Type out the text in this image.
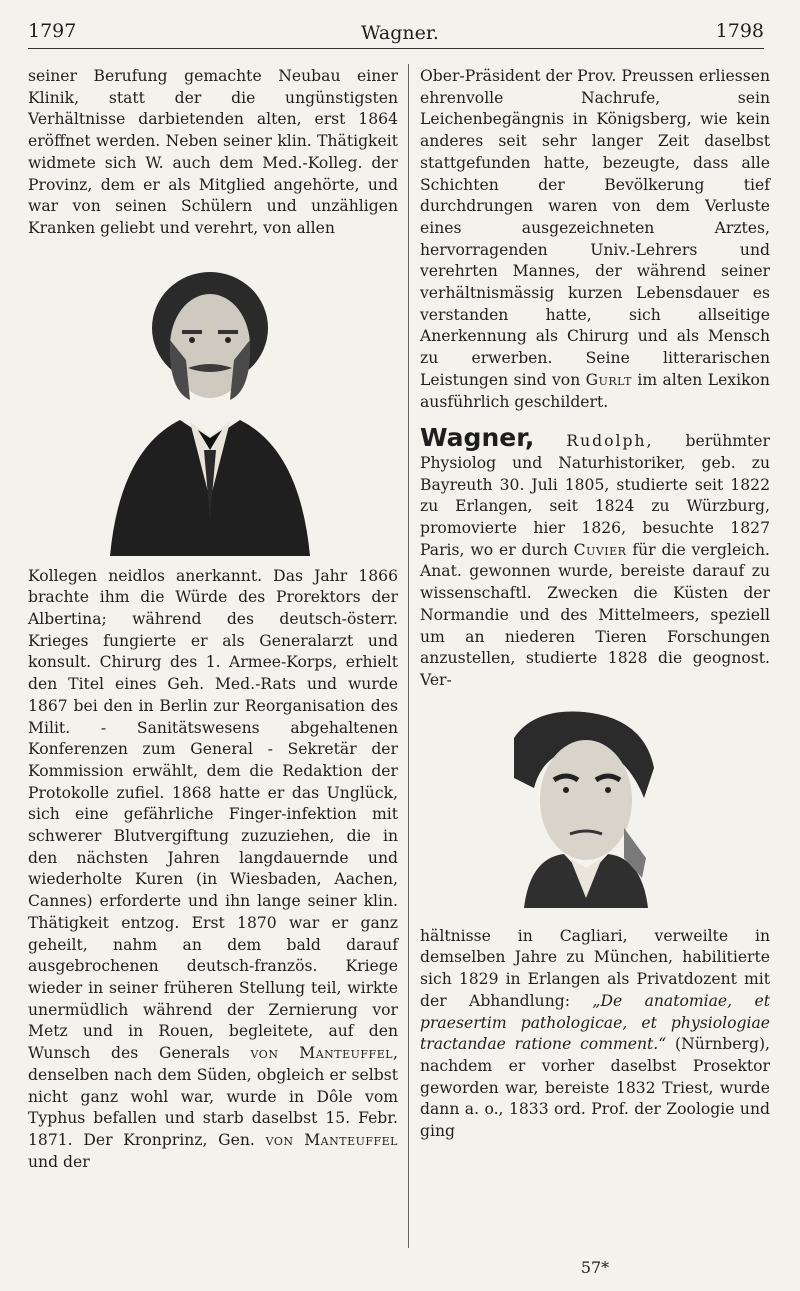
1797	Wagner.	1798

seiner Berufung gemachte Neubau einer Klinik, statt der die ungünstigsten Verhältnisse darbietenden alten, erst 1864 eröffnet werden. Neben seiner klin. Thätigkeit widmete sich W. auch dem Med.-Kolleg. der Provinz, dem er als Mitglied angehörte, und war von seinen Schülern und unzähligen Kranken geliebt und verehrt, von allen

Kollegen neidlos anerkannt. Das Jahr 1866 brachte ihm die Würde des Prorektors der Albertina; während des deutsch-österr. Krieges fungierte er als Generalarzt und konsult. Chirurg des 1. Armee-Korps, erhielt den Titel eines Geh. Med.-Rats und wurde 1867 bei den in Berlin zur Reorganisation des Milit. - Sanitätswesens abgehaltenen Konferenzen zum General - Sekretär der Kommission erwählt, dem die Redaktion der Protokolle zufiel. 1868 hatte er das Unglück, sich eine gefährliche Finger-infektion mit schwerer Blutvergiftung zuzuziehen, die in den nächsten Jahren langdauernde und wiederholte Kuren (in Wiesbaden, Aachen, Cannes) erforderte und ihn lange seiner klin. Thätigkeit entzog. Erst 1870 war er ganz geheilt, nahm an dem bald darauf ausgebrochenen deutsch-französ. Kriege wieder in seiner früheren Stellung teil, wirkte unermüdlich während der Zernierung vor Metz und in Rouen, begleitete, auf den Wunsch des Generals von Manteuffel, denselben nach dem Süden, obgleich er selbst nicht ganz wohl war, wurde in Dôle vom Typhus befallen und starb daselbst 15. Febr. 1871. Der Kronprinz, Gen. von Manteuffel und der

Ober-Präsident der Prov. Preussen erliessen ehrenvolle Nachrufe, sein Leichenbegängnis in Königsberg, wie kein anderes seit sehr langer Zeit daselbst stattgefunden hatte, bezeugte, dass alle Schichten der Bevölkerung tief durchdrungen waren von dem Verluste eines ausgezeichneten Arztes, hervorragenden Univ.-Lehrers und verehrten Mannes, der während seiner verhältnismässig kurzen Lebensdauer es verstanden hatte, sich allseitige Anerkennung als Chirurg und als Mensch zu erwerben. Seine litterarischen Leistungen sind von Gurlt im alten Lexikon ausführlich geschildert.

Wagner, Rudolph, berühmter Physiolog und Naturhistoriker, geb. zu Bayreuth 30. Juli 1805, studierte seit 1822 zu Erlangen, seit 1824 zu Würzburg, promovierte hier 1826, besuchte 1827 Paris, wo er durch Cuvier für die vergleich. Anat. gewonnen wurde, bereiste darauf zu wissenschaftl. Zwecken die Küsten der Normandie und des Mittelmeers, speziell um an niederen Tieren Forschungen anzustellen, studierte 1828 die geognost. Ver-

hältnisse in Cagliari, verweilte in demselben Jahre zu München, habilitierte sich 1829 in Erlangen als Privatdozent mit der Abhandlung: „De anatomiae, et praesertim pathologicae, et physiologiae tractandae ratione comment.“ (Nürnberg), nachdem er vorher daselbst Prosektor geworden war, bereiste 1832 Triest, wurde dann a. o., 1833 ord. Prof. der Zoologie und ging

57*
